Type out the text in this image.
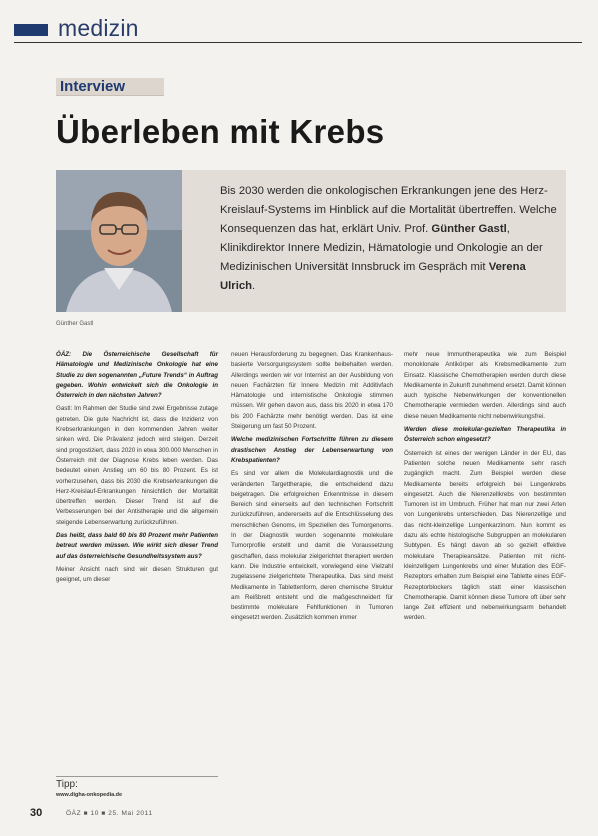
medizin
Interview
Überleben mit Krebs

Bis 2030 werden die onkologischen Erkrankungen jene des Herz-Kreislauf-Systems im Hinblick auf die Mortalität übertreffen. Welche Konsequenzen das hat, erklärt Univ. Prof. Günther Gastl, Klinikdirektor Innere Medizin, Hämatologie und Onkologie an der Medizinischen Universität Innsbruck im Gespräch mit Verena Ulrich.

Günther Gastl

ÖÄZ: Die Österreichische Gesellschaft für Hämatologie und Medizinische Onkologie hat eine Studie zu den sogenannten „Future Trends“ in Auftrag gegeben. Wohin entwickelt sich die Onkologie in Österreich in den nächsten Jahren?

Gastl: Im Rahmen der Studie sind zwei Ergebnisse zutage getreten. Die gute Nachricht ist, dass die Inzidenz von Krebserkrankungen in den kommenden Jahren weiter sinken wird. Die Prävalenz jedoch wird steigen. Derzeit sind progostiziert, dass 2020 in etwa 300.000 Menschen in Österreich mit der Diagnose Krebs leben werden. Das bedeutet einen Anstieg um 60 bis 80 Prozent. Es ist vorherzusehen, dass bis 2030 die Krebserkrankungen die Herz-Kreislauf-Erkrankungen hinsichtlich der Mortalität übertreffen werden. Dieser Trend ist auf die Verbesserungen bei der Antistherapie und die allgemein steigende Lebenserwartung zurückzuführen.

Das heißt, dass bald 60 bis 80 Prozent mehr Patienten betreut werden müssen. Wie wirkt sich dieser Trend auf das österreichische Gesundheitssystem aus?

Meiner Ansicht nach sind wir diesen Strukturen gut geeignet, um dieser

neuen Herausforderung zu begegnen. Das Krankenhaus-basierte Versorgungssystem sollte beibehalten werden. Allerdings werden wir vor Internist an der Ausbildung von neuen Fachärzten für Innere Medizin mit Additivfach Hämatologie und internistische Onkologie stimmen müssen. Wir gehen davon aus, dass bis 2020 in etwa 170 bis 200 Fachärzte mehr benötigt werden. Das ist eine Steigerung um fast 50 Prozent.

Welche medizinischen Fortschritte führen zu diesem drastischen Anstieg der Lebenserwartung von Krebspatienten?

Es sind vor allem die Molekulardiagnostik und die veränderten Targettherapie, die entscheidend dazu beigetragen. Die erfolgreichen Erkenntnisse in diesem Bereich sind einerseits auf den technischen Fortschritt zurückzuführen, andererseits auf die Entschlüsselung des menschlichen Genoms, im Speziellen des Tumorgenoms. In der Diagnostik wurden sogenannte molekulare Tumorprofile erstellt und damit die Voraussetzung geschaffen, dass molekular zielgerichtet therapiert werden kann. Die Industrie entwickelt, vorwiegend eine Vielzahl zugelassene zielgerichtete Therapeutika. Das sind meist Medikamente in Tablettenform, deren chemische Struktur am Reißbrett entsteht und die maßgeschneidert für bestimmte molekulare Fehlfunktionen in Tumoren eingesetzt werden. Zusätzlich kommen immer

mehr neue Immuntherapeutika wie zum Beispiel monoklonale Antikörper als Krebsmedikamente zum Einsatz. Klassische Chemotherapien werden durch diese Medikamente in Zukunft zunehmend ersetzt. Damit können auch typische Nebenwirkungen der konventionellen Chemotherapie vermieden werden. Allerdings sind auch diese neuen Medikamente nicht nebenwirkungsfrei.

Werden diese molekular-gezielten Therapeutika in Österreich schon eingesetzt?

Österreich ist eines der wenigen Länder in der EU, das Patienten solche neuen Medikamente sehr rasch zugänglich macht. Zum Beispiel werden diese Medikamente bereits erfolgreich bei Lungenkrebs eingesetzt. Auch die Nierenzellkrebs von bestimmten Tumoren ist im Umbruch. Früher hat man nur zwei Arten von Lungenkrebs unterschieden. Das Nierenzellige und das nicht-kleinzellige Lungenkarzinom. Nun kommt es dazu als echte histologische Subgruppen an molekularen Subtypen. Es hängt davon ab so gezielt effektive molekulare Therapieansätze. Patienten mit nicht-kleinzelligem Lungenkrebs und einer Mutation des EGF-Rezeptors erhalten zum Beispiel eine Tablette eines EGF-Rezeptorblockers täglich statt einer klassischen Chemotherapie. Damit können diese Tumore oft über sehr lange Zeit effizient und nebenwirkungsarm behandelt werden.

Tipp:
www.digha-onkopedia.de
30	ÖÄZ ■ 10 ■ 25. Mai 2011
